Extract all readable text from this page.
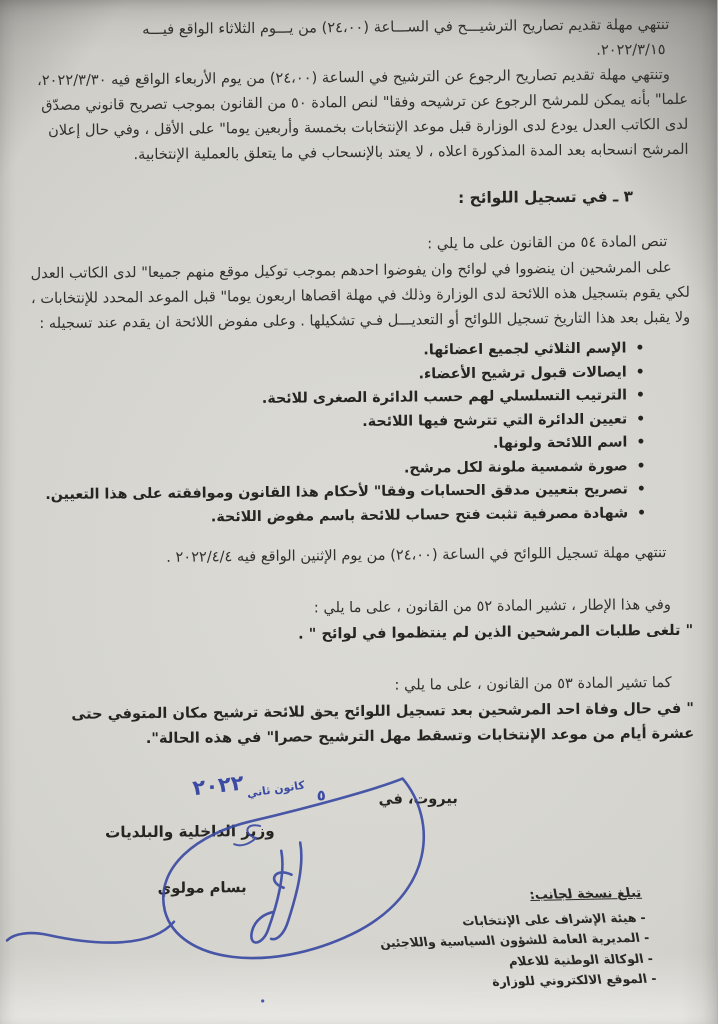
تنتهي مهلة تقديم تصاريح الترشيـــح في الســـاعة (٢٤،٠٠) من يـــوم الثلاثاء الواقع فيـــه
٢٠٢٢/٣/١٥.

وتنتهي مهلة تقديم تصاريح الرجوع عن الترشيح في الساعة (٢٤،٠٠) من يوم الأربعاء الواقع فيه ٢٠٢٢/٣/٣٠، علما" بأنه يمكن للمرشح الرجوع عن ترشيحه وفقا" لنص المادة ٥٠ من القانون بموجب تصريح قانوني مصدّق لدى الكاتب العدل يودع لدى الوزارة قبل موعد الإنتخابات بخمسة وأربعين يوما" على الأقل ، وفي حال إعلان المرشح انسحابه بعد المدة المذكورة اعلاه ، لا يعتد بالإنسحاب في ما يتعلق بالعملية الإنتخابية.

٣ ـ في تسجيل اللوائح :

تنص المادة ٥٤ من القانون على ما يلي :

على المرشحين ان ينضووا في لوائح وان يفوضوا احدهم بموجب توكيل موقع منهم جميعا" لدى الكاتب العدل لكي يقوم بتسجيل هذه اللائحة لدى الوزارة وذلك في مهلة اقصاها اربعون يوما" قبل الموعد المحدد للإنتخابات ، ولا يقبل بعد هذا التاريخ تسجيل اللوائح أو التعديـــل فـي تشكيلها . وعلى مفوض اللائحة ان يقدم عند تسجيله :

• الإسم الثلاثي لجميع اعضائها.
• ايصالات قبول ترشيح الأعضاء.
• الترتيب التسلسلي لهم حسب الدائرة الصغرى للائحة.
• تعيين الدائرة التي تترشح فيها اللائحة.
• اسم اللائحة ولونها.
• صورة شمسية ملونة لكل مرشح.
• تصريح بتعيين مدقق الحسابات وفقا" لأحكام هذا القانون وموافقته على هذا التعيين.
• شهادة مصرفية تثبت فتح حساب للائحة باسم مفوض اللائحة.

تنتهي مهلة تسجيل اللوائح في الساعة (٢٤،٠٠) من يوم الإثنين الواقع فيه ٢٠٢٢/٤/٤ .

وفي هذا الإطار ، تشير المادة ٥٢ من القانون ، على ما يلي :

" تلغى طلبات المرشحين الذين لم ينتظموا في لوائح " .

كما تشير المادة ٥٣ من القانون ، على ما يلي :

" في حال وفاة احد المرشحين بعد تسجيل اللوائح يحق للائحة ترشيح مكان المتوفي حتى عشرة أيام من موعد الإنتخابات وتسقط مهل الترشيح حصرا" في هذه الحالة".

بيروت، في
٥
كانون ثاني
٢٠٢٢
وزير الداخلية والبلديات
بسام مولوي	تبلغ نسخة لجانب:
- هيئة الإشراف على الإنتخابات
- المديرية العامة للشؤون السياسية واللاجئين
- الوكالة الوطنية للاعلام
- الموقع الالكتروني للوزارة
